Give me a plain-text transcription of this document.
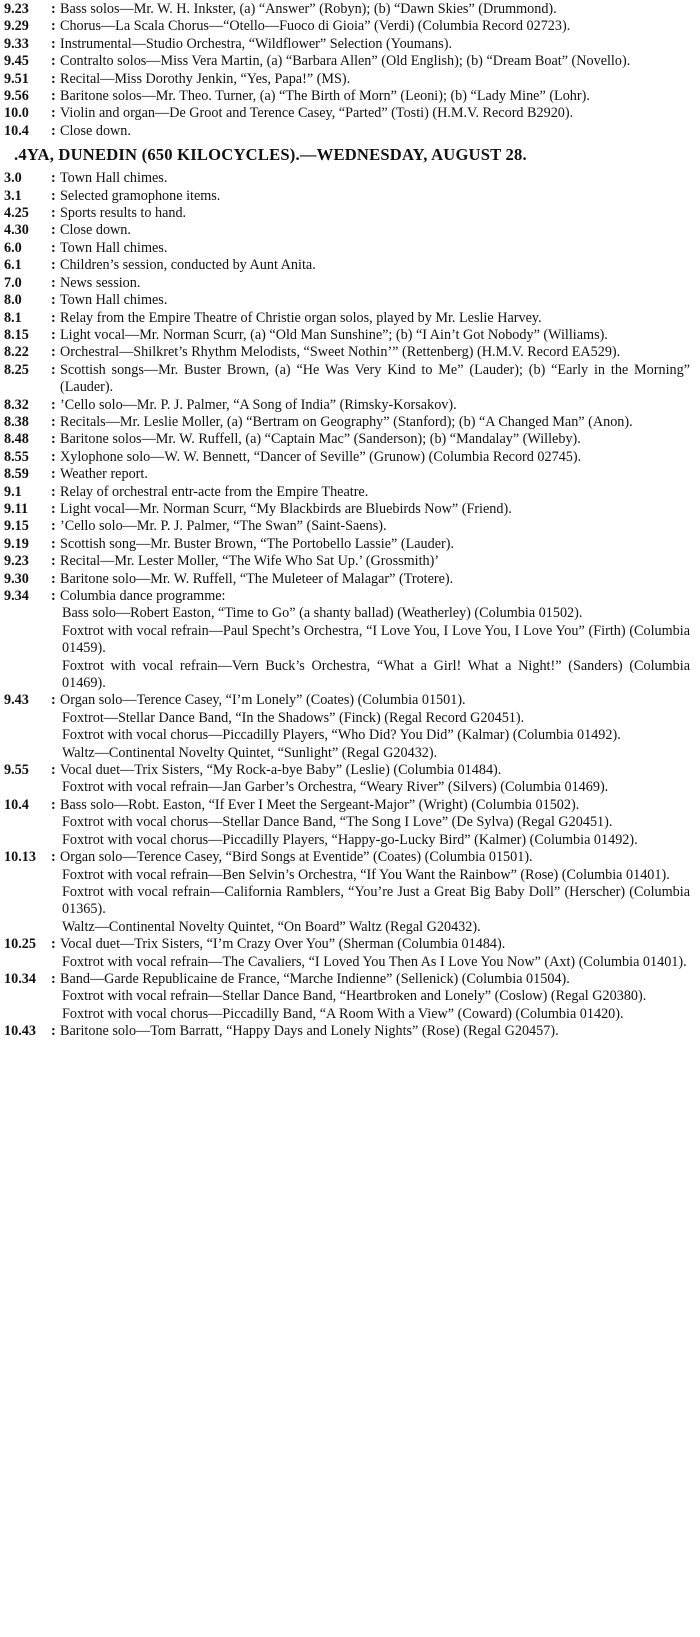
9.23	: Bass solos—Mr. W. H. Inkster, (a) “Answer” (Robyn); (b) “Dawn Skies” (Drummond).
9.29	: Chorus—La Scala Chorus—“Otello—Fuoco di Gioia” (Verdi) (Columbia Record 02723).
9.33	: Instrumental—Studio Orchestra, “Wildflower” Selection (Youmans).
9.45	: Contralto solos—Miss Vera Martin, (a) “Barbara Allen” (Old English); (b) “Dream Boat” (Novello).
9.51	: Recital—Miss Dorothy Jenkin, “Yes, Papa!” (MS).
9.56	: Baritone solos—Mr. Theo. Turner, (a) “The Birth of Morn” (Leoni); (b) “Lady Mine” (Lohr).
10.0	: Violin and organ—De Groot and Terence Casey, “Parted” (Tosti) (H.M.V. Record B2920).
10.4	: Close down.
.4YA, DUNEDIN (650 KILOCYCLES).—WEDNESDAY, AUGUST 28.
3.0	: Town Hall chimes.
3.1	: Selected gramophone items.
4.25	: Sports results to hand.
4.30	: Close down.
6.0	: Town Hall chimes.
6.1	: Children’s session, conducted by Aunt Anita.
7.0	: News session.
8.0	: Town Hall chimes.
8.1	: Relay from the Empire Theatre of Christie organ solos, played by Mr. Leslie Harvey.
8.15	: Light vocal—Mr. Norman Scurr, (a) “Old Man Sunshine”; (b) “I Ain’t Got Nobody” (Williams).
8.22	: Orchestral—Shilkret’s Rhythm Melodists, “Sweet Nothin’” (Rettenberg) (H.M.V. Record EA529).
8.25	: Scottish songs—Mr. Buster Brown, (a) “He Was Very Kind to Me” (Lauder); (b) “Early in the Morning” (Lauder).
8.32	: ’Cello solo—Mr. P. J. Palmer, “A Song of India” (Rimsky-Korsakov).
8.38	: Recitals—Mr. Leslie Moller, (a) “Bertram on Geography” (Stanford); (b) “A Changed Man” (Anon).
8.48	: Baritone solos—Mr. W. Ruffell, (a) “Captain Mac” (Sanderson); (b) “Mandalay” (Willeby).
8.55	: Xylophone solo—W. W. Bennett, “Dancer of Seville” (Grunow) (Columbia Record 02745).
8.59	: Weather report.
9.1	: Relay of orchestral entr-acte from the Empire Theatre.
9.11	: Light vocal—Mr. Norman Scurr, “My Blackbirds are Bluebirds Now” (Friend).
9.15	: ’Cello solo—Mr. P. J. Palmer, “The Swan” (Saint-Saens).
9.19	: Scottish song—Mr. Buster Brown, “The Portobello Lassie” (Lauder).
9.23	: Recital—Mr. Lester Moller, “The Wife Who Sat Up.’ (Grossmith)’
9.30	: Baritone solo—Mr. W. Ruffell, “The Muleteer of Malagar” (Trotere).
9.34	: Columbia dance programme:
Bass solo—Robert Easton, “Time to Go” (a shanty ballad) (Weatherley) (Columbia 01502).
Foxtrot with vocal refrain—Paul Specht’s Orchestra, “I Love You, I Love You, I Love You” (Firth) (Columbia 01459).
Foxtrot with vocal refrain—Vern Buck’s Orchestra, “What a Girl! What a Night!” (Sanders) (Columbia 01469).
9.43	: Organ solo—Terence Casey, “I’m Lonely” (Coates) (Columbia 01501).
Foxtrot—Stellar Dance Band, “In the Shadows” (Finck) (Regal Record G20451).
Foxtrot with vocal chorus—Piccadilly Players, “Who Did? You Did” (Kalmar) (Columbia 01492).
Waltz—Continental Novelty Quintet, “Sunlight” (Regal G20432).
9.55	: Vocal duet—Trix Sisters, “My Rock-a-bye Baby” (Leslie) (Columbia 01484).
Foxtrot with vocal refrain—Jan Garber’s Orchestra, “Weary River” (Silvers) (Columbia 01469).
10.4	: Bass solo—Robt. Easton, “If Ever I Meet the Sergeant-Major” (Wright) (Columbia 01502).
Foxtrot with vocal chorus—Stellar Dance Band, “The Song I Love” (De Sylva) (Regal G20451).
Foxtrot with vocal chorus—Piccadilly Players, “Happy-go-Lucky Bird” (Kalmer) (Columbia 01492).
10.13	: Organ solo—Terence Casey, “Bird Songs at Eventide” (Coates) (Columbia 01501).
Foxtrot with vocal refrain—Ben Selvin’s Orchestra, “If You Want the Rainbow” (Rose) (Columbia 01401).
Foxtrot with vocal refrain—California Ramblers, “You’re Just a Great Big Baby Doll” (Herscher) (Columbia 01365).
Waltz—Continental Novelty Quintet, “On Board” Waltz (Regal G20432).
10.25	: Vocal duet—Trix Sisters, “I’m Crazy Over You” (Sherman (Columbia 01484).
Foxtrot with vocal refrain—The Cavaliers, “I Loved You Then As I Love You Now” (Axt) (Columbia 01401).
10.34	: Band—Garde Republicaine de France, “Marche Indienne” (Sellenick) (Columbia 01504).
Foxtrot with vocal refrain—Stellar Dance Band, “Heartbroken and Lonely” (Coslow) (Regal G20380).
Foxtrot with vocal chorus—Piccadilly Band, “A Room With a View” (Coward) (Columbia 01420).
10.43	: Baritone solo—Tom Barratt, “Happy Days and Lonely Nights” (Rose) (Regal G20457).
